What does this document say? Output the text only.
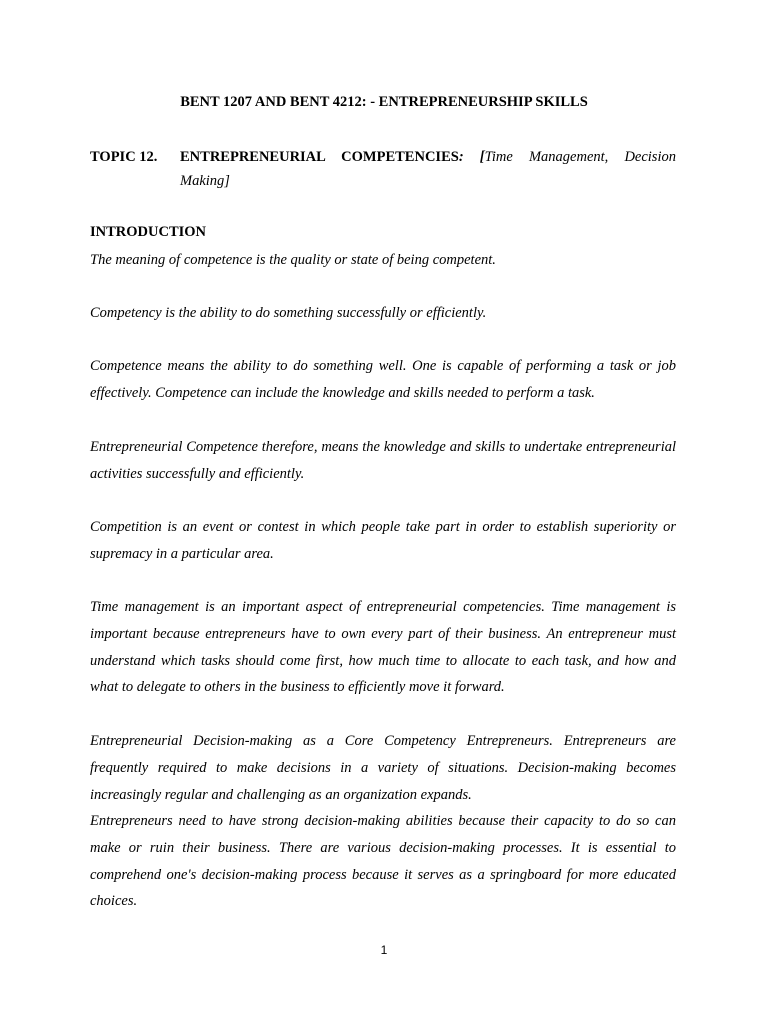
BENT 1207 AND BENT 4212: - ENTREPRENEURSHIP SKILLS
TOPIC 12.	ENTREPRENEURIAL COMPETENCIES: [Time Management, Decision
Making]
INTRODUCTION

The meaning of competence is the quality or state of being competent.

Competency is the ability to do something successfully or efficiently.

Competence means the ability to do something well. One is capable of performing a task or job effectively. Competence can include the knowledge and skills needed to perform a task.

Entrepreneurial Competence therefore, means the knowledge and skills to undertake entrepreneurial activities successfully and efficiently.

Competition is an event or contest in which people take part in order to establish superiority or supremacy in a particular area.

Time management is an important aspect of entrepreneurial competencies. Time management is important because entrepreneurs have to own every part of their business. An entrepreneur must understand which tasks should come first, how much time to allocate to each task, and how and what to delegate to others in the business to efficiently move it forward.

Entrepreneurial Decision-making as a Core Competency Entrepreneurs. Entrepreneurs are frequently required to make decisions in a variety of situations. Decision-making becomes increasingly regular and challenging as an organization expands.

Entrepreneurs need to have strong decision-making abilities because their capacity to do so can make or ruin their business. There are various decision-making processes. It is essential to comprehend one's decision-making process because it serves as a springboard for more educated choices.

1
